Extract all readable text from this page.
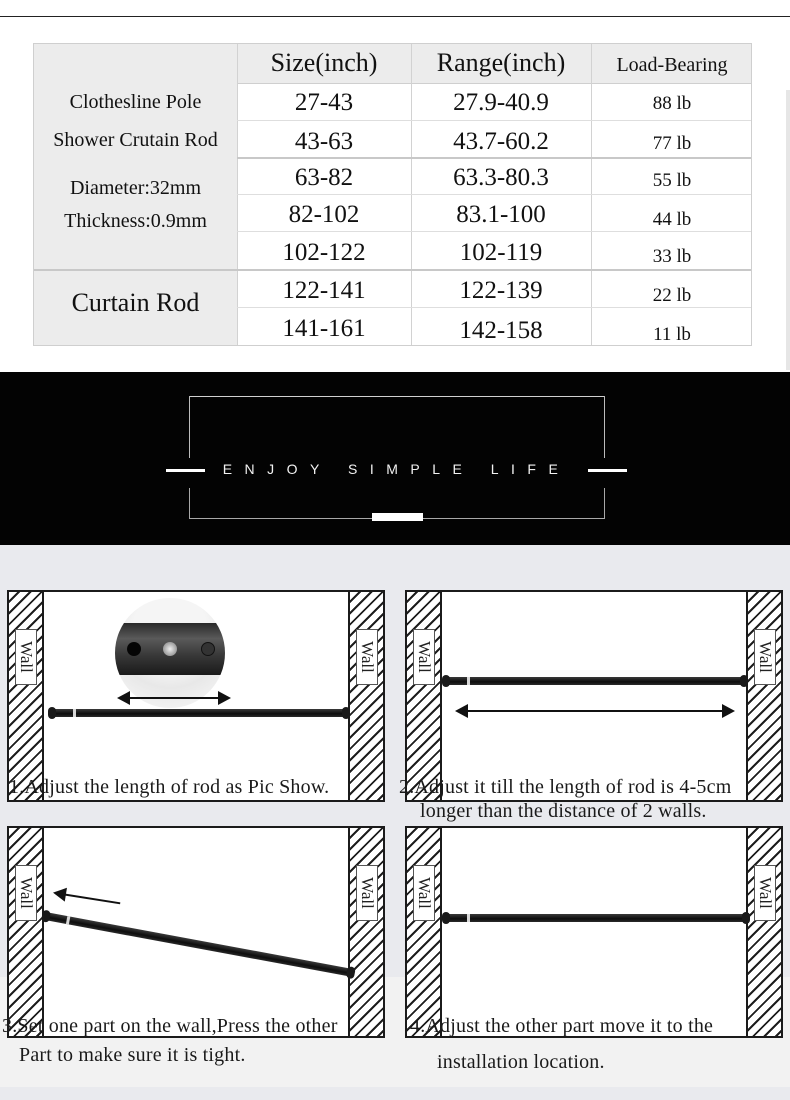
Size(inch)	Range(inch)	Load-Bearing
Clothesline Pole
Shower Crutain Rod
Diameter:32mm
Thickness:0.9mm
Curtain Rod
27-43	27.9-40.9	88 lb
43-63	43.7-60.2	77 lb
63-82	63.3-80.3	55 lb
82-102	83.1-100	44 lb
102-122	102-119	33 lb
122-141	122-139	22 lb
141-161	142-158	11 lb
ENJOY SIMPLE LIFE
Wall	Wall
1.Adjust the length of rod as Pic Show.
Wall	Wall
2.Adjust it till the length of rod is 4-5cm
longer than the distance of 2 walls.
Wall	Wall
3.Set one part on the wall,Press the other
Part to make sure it is tight.
Wall	Wall
4.Adjust the other part move it to the
installation location.
